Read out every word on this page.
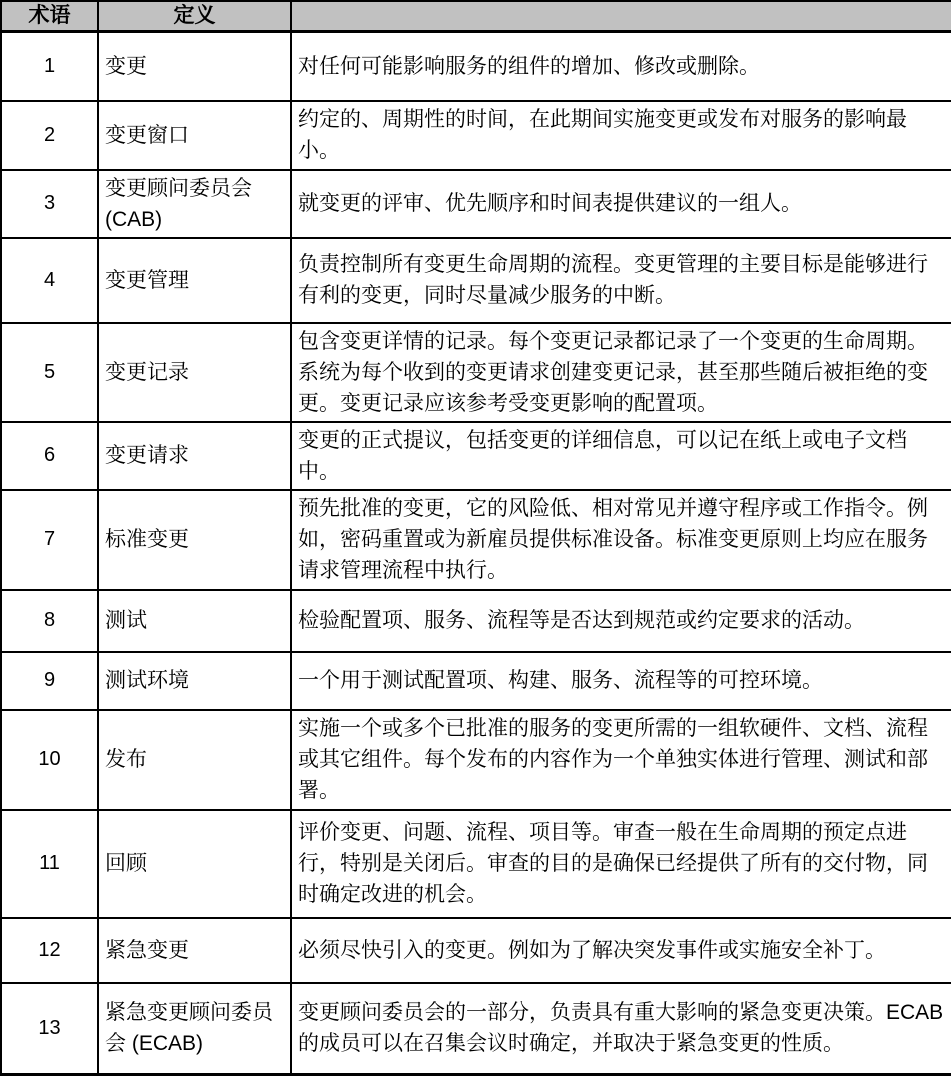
术语	定义	
1	变更	对任何可能影响服务的组件的增加、修改或删除。
2	变更窗口	约定的、周期性的时间，在此期间实施变更或发布对服务的影响最小。
3	变更顾问委员会 (CAB)	就变更的评审、优先顺序和时间表提供建议的一组人。
4	变更管理	负责控制所有变更生命周期的流程。变更管理的主要目标是能够进行有利的变更，同时尽量减少服务的中断。
5	变更记录	包含变更详情的记录。每个变更记录都记录了一个变更的生命周期。系统为每个收到的变更请求创建变更记录，甚至那些随后被拒绝的变更。变更记录应该参考受变更影响的配置项。
6	变更请求	变更的正式提议，包括变更的详细信息，可以记在纸上或电子文档中。
7	标准变更	预先批准的变更，它的风险低、相对常见并遵守程序或工作指令。例如，密码重置或为新雇员提供标准设备。标准变更原则上均应在服务请求管理流程中执行。
8	测试	检验配置项、服务、流程等是否达到规范或约定要求的活动。
9	测试环境	一个用于测试配置项、构建、服务、流程等的可控环境。
10	发布	实施一个或多个已批准的服务的变更所需的一组软硬件、文档、流程或其它组件。每个发布的内容作为一个单独实体进行管理、测试和部署。
11	回顾	评价变更、问题、流程、项目等。审查一般在生命周期的预定点进行，特别是关闭后。审查的目的是确保已经提供了所有的交付物，同时确定改进的机会。
12	紧急变更	必须尽快引入的变更。例如为了解决突发事件或实施安全补丁。
13	紧急变更顾问委员会 (ECAB)	变更顾问委员会的一部分，负责具有重大影响的紧急变更决策。ECAB 的成员可以在召集会议时确定，并取决于紧急变更的性质。
